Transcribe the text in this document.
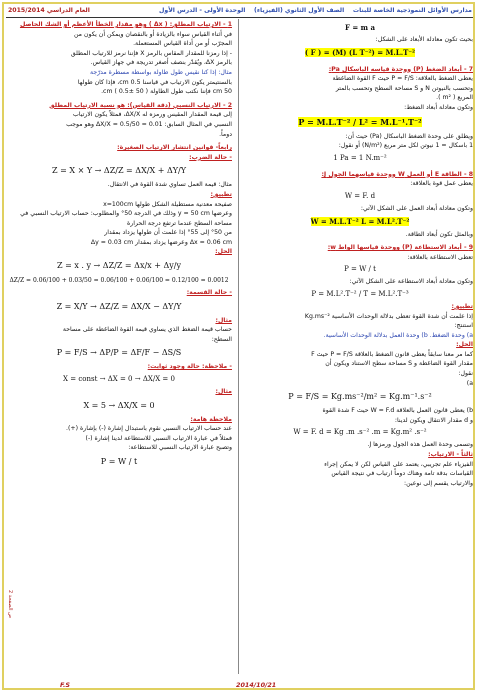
مدارس الأوائل النموذجية الخاصة للبنات    الصف الأول الثانوي (الفيزياء)    الوحدة الأولى - الدرس الأول
العام الدراسي 2015/2014
F = m a

بحيث تكون معادلة الأبعاد على الشكل:

( F ) = (M) (L T⁻²) = M.L.T⁻²

7 - أبعاد الضغط (P) ووحدة قياسه الباسكال Pa:

يعطى الضغط بالعلاقة: P = F/S حيث F القوة الضاغطة

وتحسب بالنيوتن N و S مساحة السطح وتحسب بالمتر

المربع ( m² ).

وتكون معادلة أبعاد الضغط:

P = M.L.T⁻² / L² = M.L⁻¹.T⁻²

ويطلق على وحدة الضغط الباسكال (Pa) حيث أن:

1 باسكال = 1 نيوتن لكل متر مربع (N/m²) أو نقول:

1 Pa = 1 N.m⁻²

8 - الطاقة E أو العمل W ووحدة قياسهما الجول J:

يعطى عمل قوة بالعلاقة:

W = F. d

وتكون معادلة أبعاد العمل على الشكل الآتي:

W = M.L.T⁻² L = M.L².T⁻²

وبالمثل تكون أبعاد الطاقة.

9 - أبعاد الاستطاعة (P) ووحدة قياسها الواط w:

تعطى الاستطاعة بالعلاقة:

P = W / t

وتكون معادلة أبعاد الاستطاعة على الشكل الآتي:

P = M.L².T⁻² / T = M.L².T⁻³

تطبيق:

إذا علمت أن شدة القوة تعطى بدلالة الوحدات الأساسية Kg.ms⁻²

استنتج:

a) وحدة الضغط. b) وحدة العمل بدلالة الوحدات الأساسية.

الحل:

كما مر معنا سابقاً يعطى قانون الضغط بالعلاقة P = F/S حيث F

مقدار القوة الضاغطة و S مساحة سطح الاستناد ويكون أن

نقول:

a)

P = F/S = Kg.ms⁻²/m² = Kg.m⁻¹.s⁻²

b) يعطى قانون العمل بالعلاقة W = F.d حيث F شدة القوة

و d مقدار الانتقال ويكون لدينا:

W = F. d = Kg .m .s⁻² .m = Kg.m² .s⁻²

وتسمى وحدة العمل هذه الجول ورمزها J.

ثالثاً - الارتياب:

الفيزياء علم تجريبي، يعتمد على القياس لكن لا يمكن إجراء

القياسات بدقة تامة وهناك دوماً ارتياب في نتيجة القياس

والارتياب يقسم إلى نوعين:

1 - الارتياب المطلق: ( Δx ) وهو مقدار الخطأ الأعظم أو الشك الحاصل

في أثناء القياس سواء بالزيادة أو بالنقصان ويمكن أن يكون من

المجرّب أو من أداة القياس المستعملة.

- إذا رمزنا للمقدار المقاس بالرمز X فإننا نرمز للارتياب المطلق

بالرمز ΔX، ويُقدّر بنصف أصغر تدريجة في جهاز القياس.

مثال: إذا كنا نقيس طول طاولة بواسطة مسطرة مدرّجة

بالسنتيمتر يكون الارتياب في قياسنا 0.5 cm، فإذا كان طولها

50 cm فإننا نكتب طول الطاولة ( 50 ±0.5 ) cm.

2 - الارتياب النسبي (دقة القياس): هو نسبة الارتياب المطلق

إلى قيمة المقدار المقيس ورمزه له ΔX/X، فمثلاً يكون الارتياب

النسبي في المثال السابق: 0.01 = 0.5/50 = ΔX/X وهو موجب

دوماً.

رابعاً- قوانين انتشار الارتياب الصغيرة:

- حالة الضرب:

Z = X × Y → ΔZ/Z = ΔX/X + ΔY/Y

مثال: قيمة العمل تساوي شدة القوة في الانتقال.

تطبيق:

صفيحة معدنية مستطيلة الشكل طولها x=100cm

وعرضها y = 50 cm وذلك في الدرجة 50° والمطلوب: حساب الارتياب النسبي في

مساحة السطح عندما ترتفع درجة الحرارة

من 50° إلى 55° إذا علمت أن طولها يزداد بمقدار

Δx = 0.06 cm وعرضها يزداد بمقدار Δy = 0.03 cm

الحل:

Z = x . y → ΔZ/Z = Δx/x + Δy/y
ΔZ/Z = 0.06/100 + 0.03/50 = 0.06/100 + 0.06/100 = 0.12/100 = 0.0012

- حالة القسمة:

Z = X/Y → ΔZ/Z = ΔX/X − ΔY/Y

مثال:

حساب قيمة الضغط الذي يساوي قيمة القوة الضاغطة على مساحة

السطح:

P = F/S → ΔP/P = ΔF/F − ΔS/S

- ملاحظة: حالة وجود ثوابت:

X = const → ΔX = 0 → ΔX/X = 0

مثال:

X = 5 → ΔX/X = 0

ملاحظة هامة:

عند حساب الارتياب النسبي نقوم باستبدال إشارة (-) بإشارة (+).

فمثلاً في عبارة الارتياب النسبي للاستطاعة لدينا إشارة (-)

وتصبح عبارة الارتياب النسبي للاستطاعة:

P = W / t
ص الصفحة 2
F.S	2014/10/21
